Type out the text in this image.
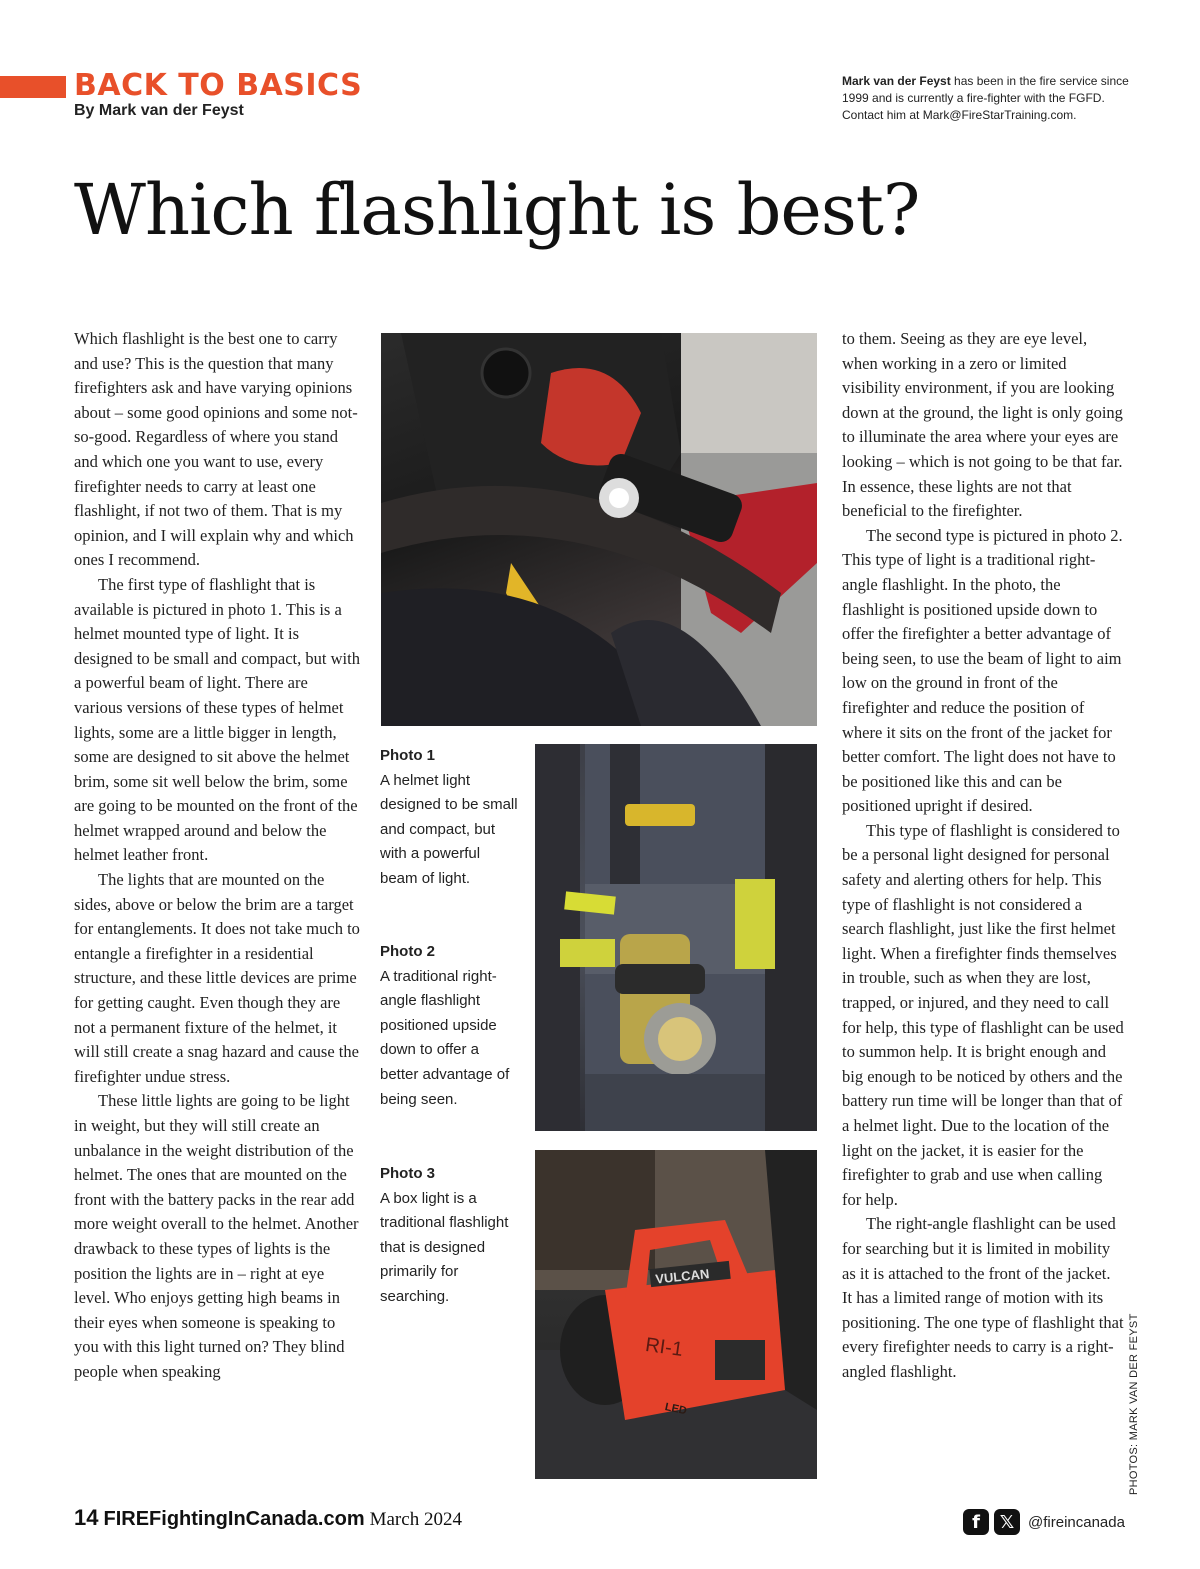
BACK TO BASICS
By Mark van der Feyst
Mark van der Feyst has been in the fire service since 1999 and is currently a fire-fighter with the FGFD. Contact him at Mark@FireStarTraining.com.
Which flashlight is best?

Which flashlight is the best one to carry and use? This is the question that many firefighters ask and have varying opinions about – some good opinions and some not-so-good. Regardless of where you stand and which one you want to use, every firefighter needs to carry at least one flashlight, if not two of them. That is my opinion, and I will explain why and which ones I recommend.

The first type of flashlight that is available is pictured in photo 1. This is a helmet mounted type of light. It is designed to be small and compact, but with a powerful beam of light. There are various versions of these types of helmet lights, some are a little bigger in length, some are designed to sit above the helmet brim, some sit well below the brim, some are going to be mounted on the front of the helmet wrapped around and below the helmet leather front.

The lights that are mounted on the sides, above or below the brim are a target for entanglements. It does not take much to entangle a firefighter in a residential structure, and these little devices are prime for getting caught. Even though they are not a permanent fixture of the helmet, it will still create a snag hazard and cause the firefighter undue stress.

These little lights are going to be light in weight, but they will still create an unbalance in the weight distribution of the helmet. The ones that are mounted on the front with the battery packs in the rear add more weight overall to the helmet. Another drawback to these types of lights is the position the lights are in – right at eye level. Who enjoys getting high beams in their eyes when someone is speaking to you with this light turned on? They blind people when speaking

VULCAN
RI-1
LED
Photo 1
A helmet light designed to be small and compact, but with a powerful beam of light.
Photo 2
A traditional right-angle flashlight positioned upside down to offer a better advantage of being seen.
Photo 3
A box light is a traditional flashlight that is designed primarily for searching.

to them. Seeing as they are eye level, when working in a zero or limited visibility environment, if you are looking down at the ground, the light is only going to illuminate the area where your eyes are looking – which is not going to be that far. In essence, these lights are not that beneficial to the firefighter.

The second type is pictured in photo 2. This type of light is a traditional right-angle flashlight. In the photo, the flashlight is positioned upside down to offer the firefighter a better advantage of being seen, to use the beam of light to aim low on the ground in front of the firefighter and reduce the position of where it sits on the front of the jacket for better comfort. The light does not have to be positioned like this and can be positioned upright if desired.

This type of flashlight is considered to be a personal light designed for personal safety and alerting others for help. This type of flashlight is not considered a search flashlight, just like the first helmet light. When a firefighter finds themselves in trouble, such as when they are lost, trapped, or injured, and they need to call for help, this type of flashlight can be used to summon help. It is bright enough and big enough to be noticed by others and the battery run time will be longer than that of a helmet light. Due to the location of the light on the jacket, it is easier for the firefighter to grab and use when calling for help.

The right-angle flashlight can be used for searching but it is limited in mobility as it is attached to the front of the jacket. It has a limited range of motion with its positioning. The one type of flashlight that every firefighter needs to carry is a right-angled flashlight.	PHOTOS: MARK VAN DER FEYST
14 FIREFightingInCanada.com March 2024	f	𝕏 @fireincanada
